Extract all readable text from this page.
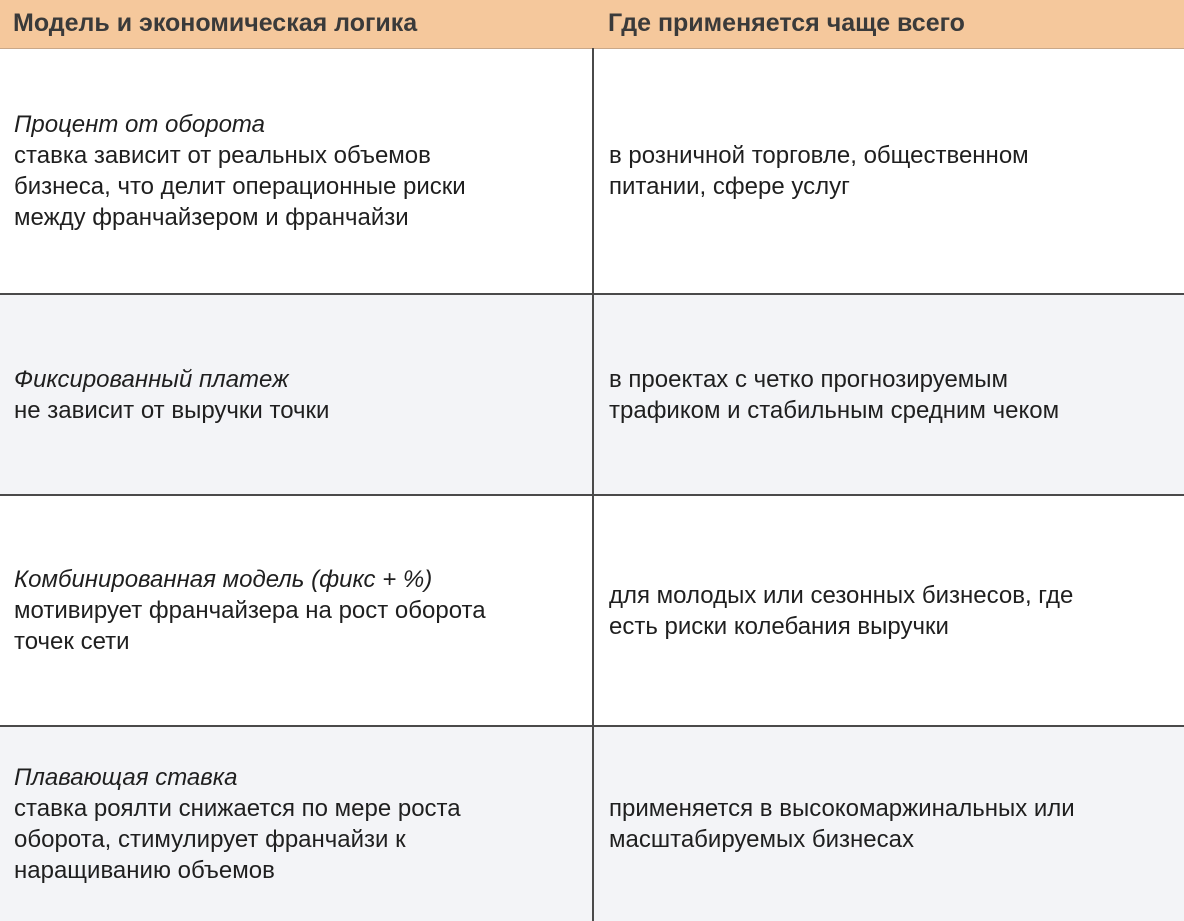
Модель и экономическая логика	Где применяется чаще всего
Процент от оборота
ставка зависит от реальных объемов
бизнеса, что делит операционные риски
между франчайзером и франчайзи
в розничной торговле, общественном
питании, сфере услуг
Фиксированный платеж
не зависит от выручки точки
в проектах с четко прогнозируемым
трафиком и стабильным средним чеком
Комбинированная модель (фикс + %)
мотивирует франчайзера на рост оборота
точек сети
для молодых или сезонных бизнесов, где
есть риски колебания выручки
Плавающая ставка
ставка роялти снижается по мере роста
оборота, стимулирует франчайзи к
наращиванию объемов
применяется в высокомаржинальных или
масштабируемых бизнесах
